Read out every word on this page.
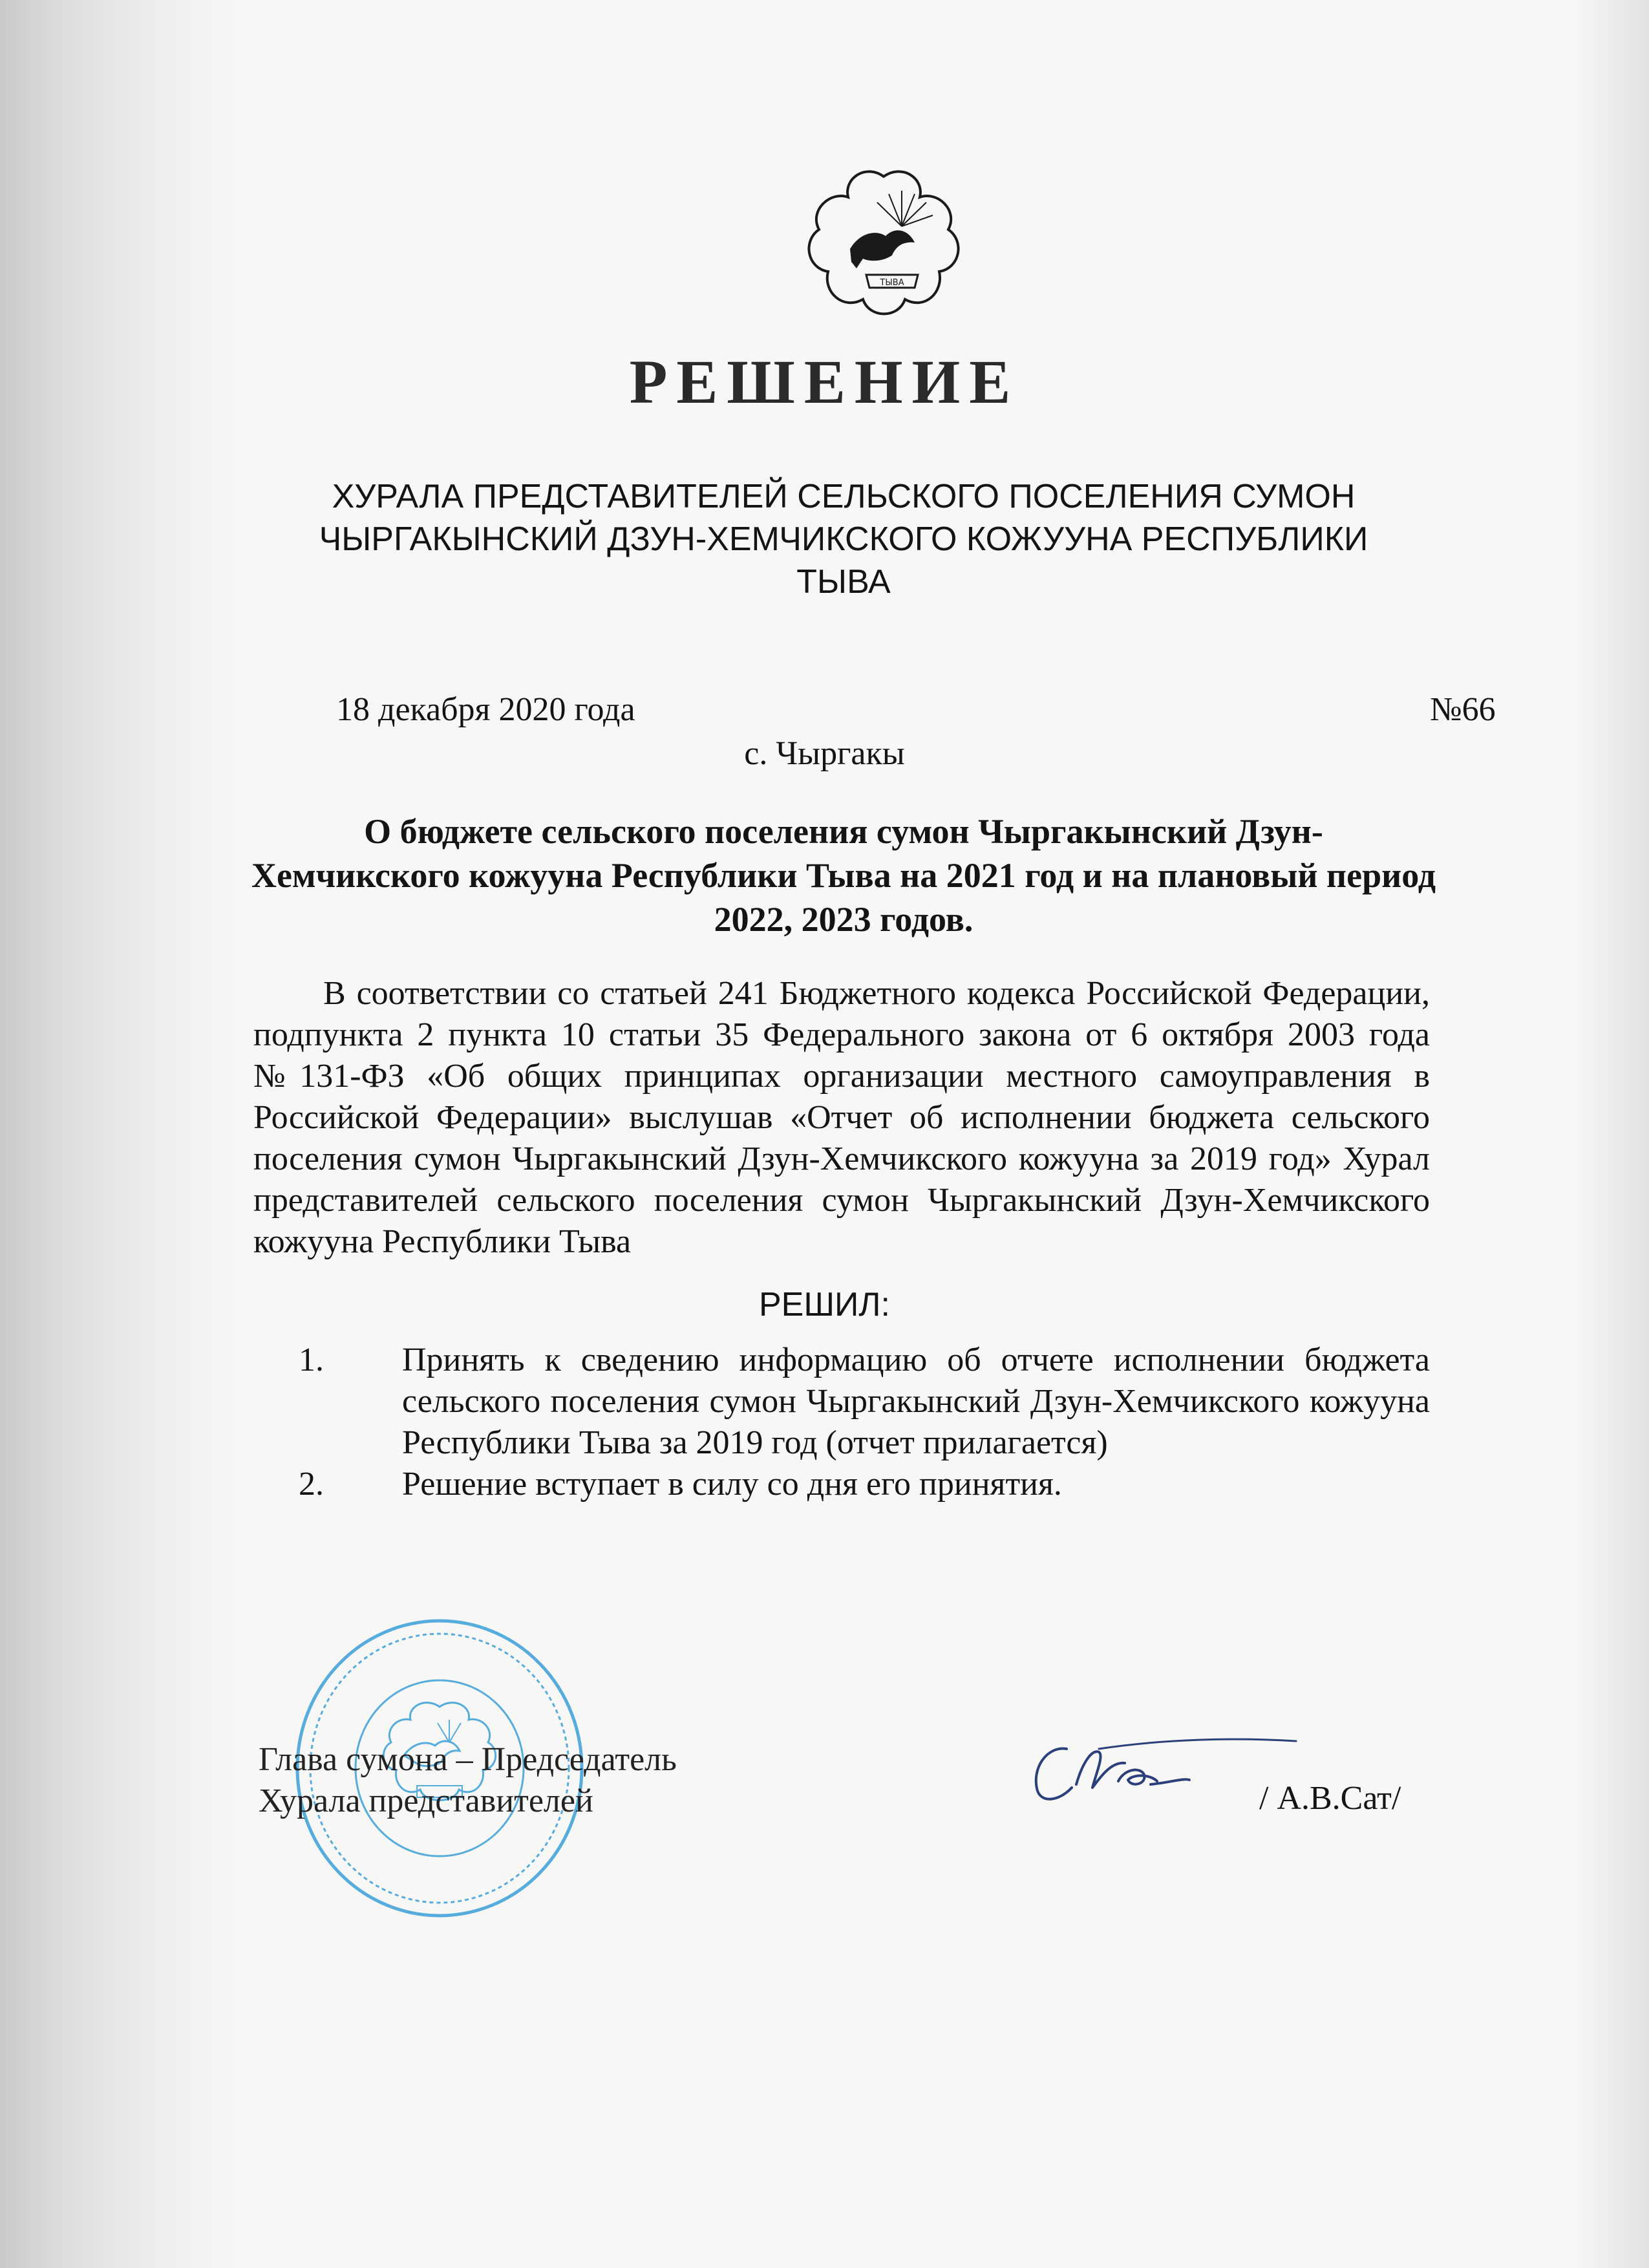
ТЫВА
РЕШЕНИЕ
ХУРАЛА ПРЕДСТАВИТЕЛЕЙ СЕЛЬСКОГО ПОСЕЛЕНИЯ СУМОН
ЧЫРГАКЫНСКИЙ ДЗУН-ХЕМЧИКСКОГО КОЖУУНА РЕСПУБЛИКИ
ТЫВА
18 декабря 2020 года	№66
с. Чыргакы
О бюджете сельского поселения сумон Чыргакынский Дзун-
Хемчикского кожууна Республики Тыва на 2021 год и на плановый период
2022, 2023 годов.
В соответствии со статьей 241 Бюджетного кодекса Российской Федерации, подпункта 2 пункта 10 статьи 35 Федерального закона от 6 октября 2003 года №131-ФЗ «Об общих принципах организации местного самоуправления в Российской Федерации» выслушав «Отчет об исполнении бюджета сельского поселения сумон Чыргакынский Дзун-Хемчикского кожууна за 2019 год» Хурал представителей сельского поселения сумон Чыргакынский Дзун-Хемчикского кожууна Республики Тыва
РЕШИЛ:
1. Принять к сведению информацию об отчете исполнении бюджета сельского поселения сумон Чыргакынский Дзун-Хемчикского кожууна Республики Тыва за 2019 год (отчет прилагается)
2. Решение вступает в силу со дня его принятия.
Глава сумона – Председатель
Хурала представителей	/ А.В.Сат/
